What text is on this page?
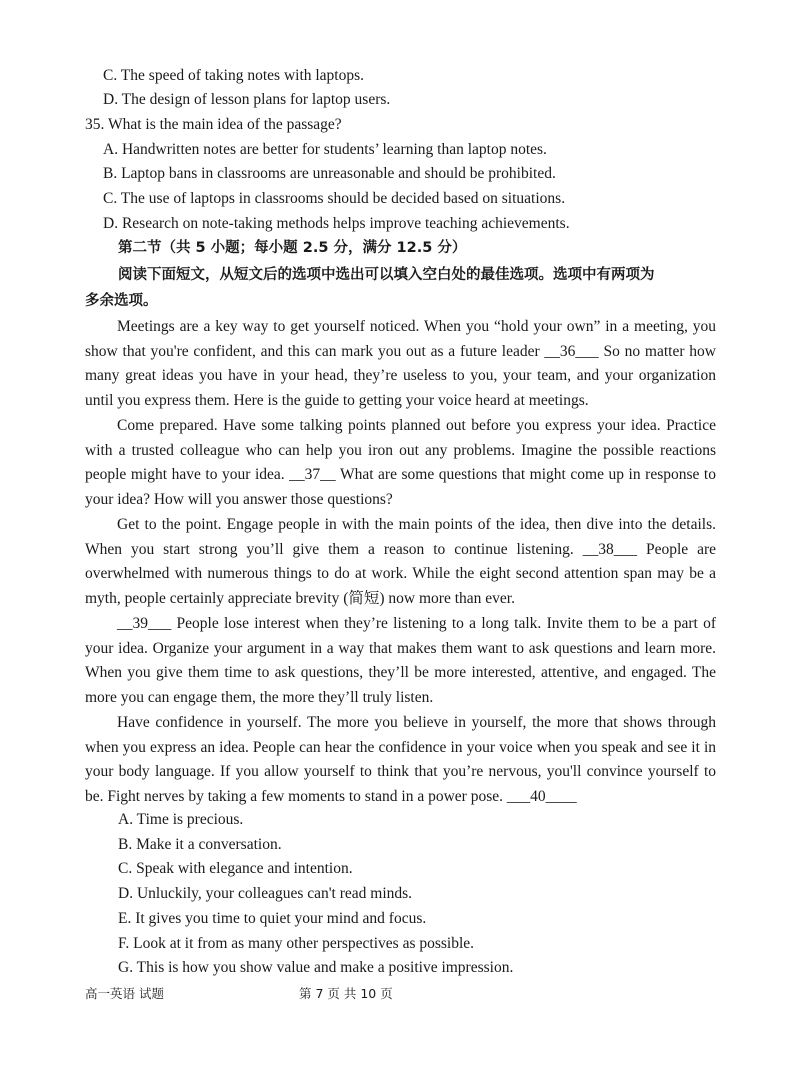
C. The speed of taking notes with laptops.
D. The design of lesson plans for laptop users.
35. What is the main idea of the passage?
A. Handwritten notes are better for students’ learning than laptop notes.
B. Laptop bans in classrooms are unreasonable and should be prohibited.
C. The use of laptops in classrooms should be decided based on situations.
D. Research on note-taking methods helps improve teaching achievements.
第二节（共 5 小题；每小题 2.5 分，满分 12.5 分）
阅读下面短文，从短文后的选项中选出可以填入空白处的最佳选项。选项中有两项为
多余选项。
Meetings are a key way to get yourself noticed. When you “hold your own” in a meeting, you show that you're confident, and this can mark you out as a future leader __36___ So no matter how many great ideas you have in your head, they’re useless to you, your team, and your organization until you express them. Here is the guide to getting your voice heard at meetings.
Come prepared. Have some talking points planned out before you express your idea. Practice with a trusted colleague who can help you iron out any problems. Imagine the possible reactions people might have to your idea. __37__ What are some questions that might come up in response to your idea? How will you answer those questions?
Get to the point. Engage people in with the main points of the idea, then dive into the details. When you start strong you’ll give them a reason to continue listening. __38___ People are overwhelmed with numerous things to do at work. While the eight second attention span may be a myth, people certainly appreciate brevity (简短) now more than ever.
__39___ People lose interest when they’re listening to a long talk. Invite them to be a part of your idea. Organize your argument in a way that makes them want to ask questions and learn more. When you give them time to ask questions, they’ll be more interested, attentive, and engaged. The more you can engage them, the more they’ll truly listen.
Have confidence in yourself. The more you believe in yourself, the more that shows through when you express an idea. People can hear the confidence in your voice when you speak and see it in your body language. If you allow yourself to think that you’re nervous, you'll convince yourself to be. Fight nerves by taking a few moments to stand in a power pose. ___40____
A. Time is precious.
B. Make it a conversation.
C. Speak with elegance and intention.
D. Unluckily, your colleagues can't read minds.
E. It gives you time to quiet your mind and focus.
F. Look at it from as many other perspectives as possible.
G. This is how you show value and make a positive impression.
高一英语 试题	第 7 页 共 10 页
